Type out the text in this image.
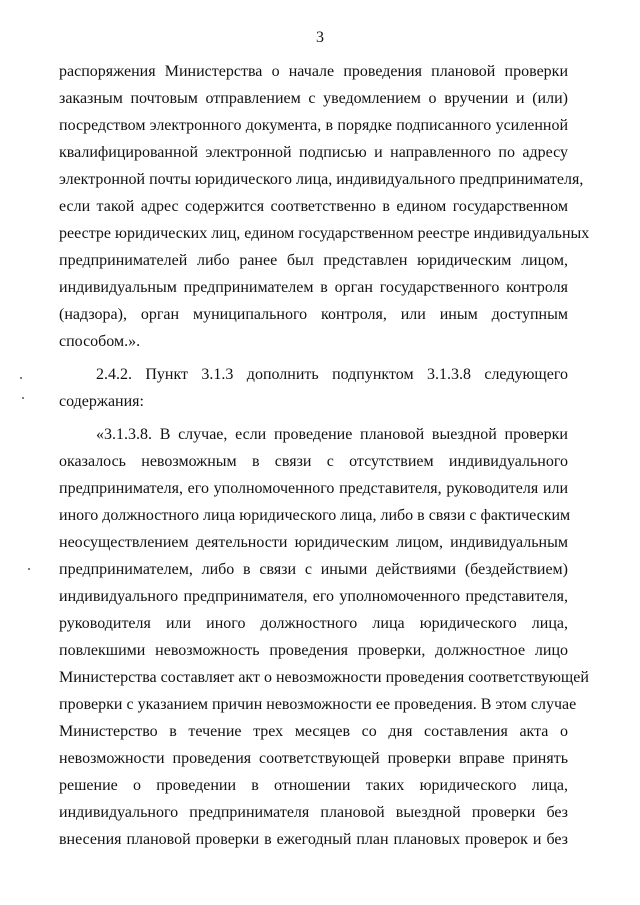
3
распоряжения Министерства о начале проведения плановой проверки
заказным почтовым отправлением с уведомлением о вручении и (или)
посредством электронного документа, в порядке подписанного усиленной
квалифицированной электронной подписью и направленного по адресу
электронной почты юридического лица, индивидуального предпринимателя,
если такой адрес содержится соответственно в едином государственном
реестре юридических лиц, едином государственном реестре индивидуальных
предпринимателей либо ранее был представлен юридическим лицом,
индивидуальным предпринимателем в орган государственного контроля
(надзора), орган муниципального контроля, или иным доступным
способом.».
2.4.2. Пункт 3.1.3 дополнить подпунктом 3.1.3.8 следующего
содержания:
«3.1.3.8. В случае, если проведение плановой выездной проверки
оказалось невозможным в связи с отсутствием индивидуального
предпринимателя, его уполномоченного представителя, руководителя или
иного должностного лица юридического лица, либо в связи с фактическим
неосуществлением деятельности юридическим лицом, индивидуальным
предпринимателем, либо в связи с иными действиями (бездействием)
индивидуального предпринимателя, его уполномоченного представителя,
руководителя или иного должностного лица юридического лица,
повлекшими невозможность проведения проверки, должностное лицо
Министерства составляет акт о невозможности проведения соответствующей
проверки с указанием причин невозможности ее проведения. В этом случае
Министерство в течение трех месяцев со дня составления акта о
невозможности проведения соответствующей проверки вправе принять
решение о проведении в отношении таких юридического лица,
индивидуального предпринимателя плановой выездной проверки без
внесения плановой проверки в ежегодный план плановых проверок и без
